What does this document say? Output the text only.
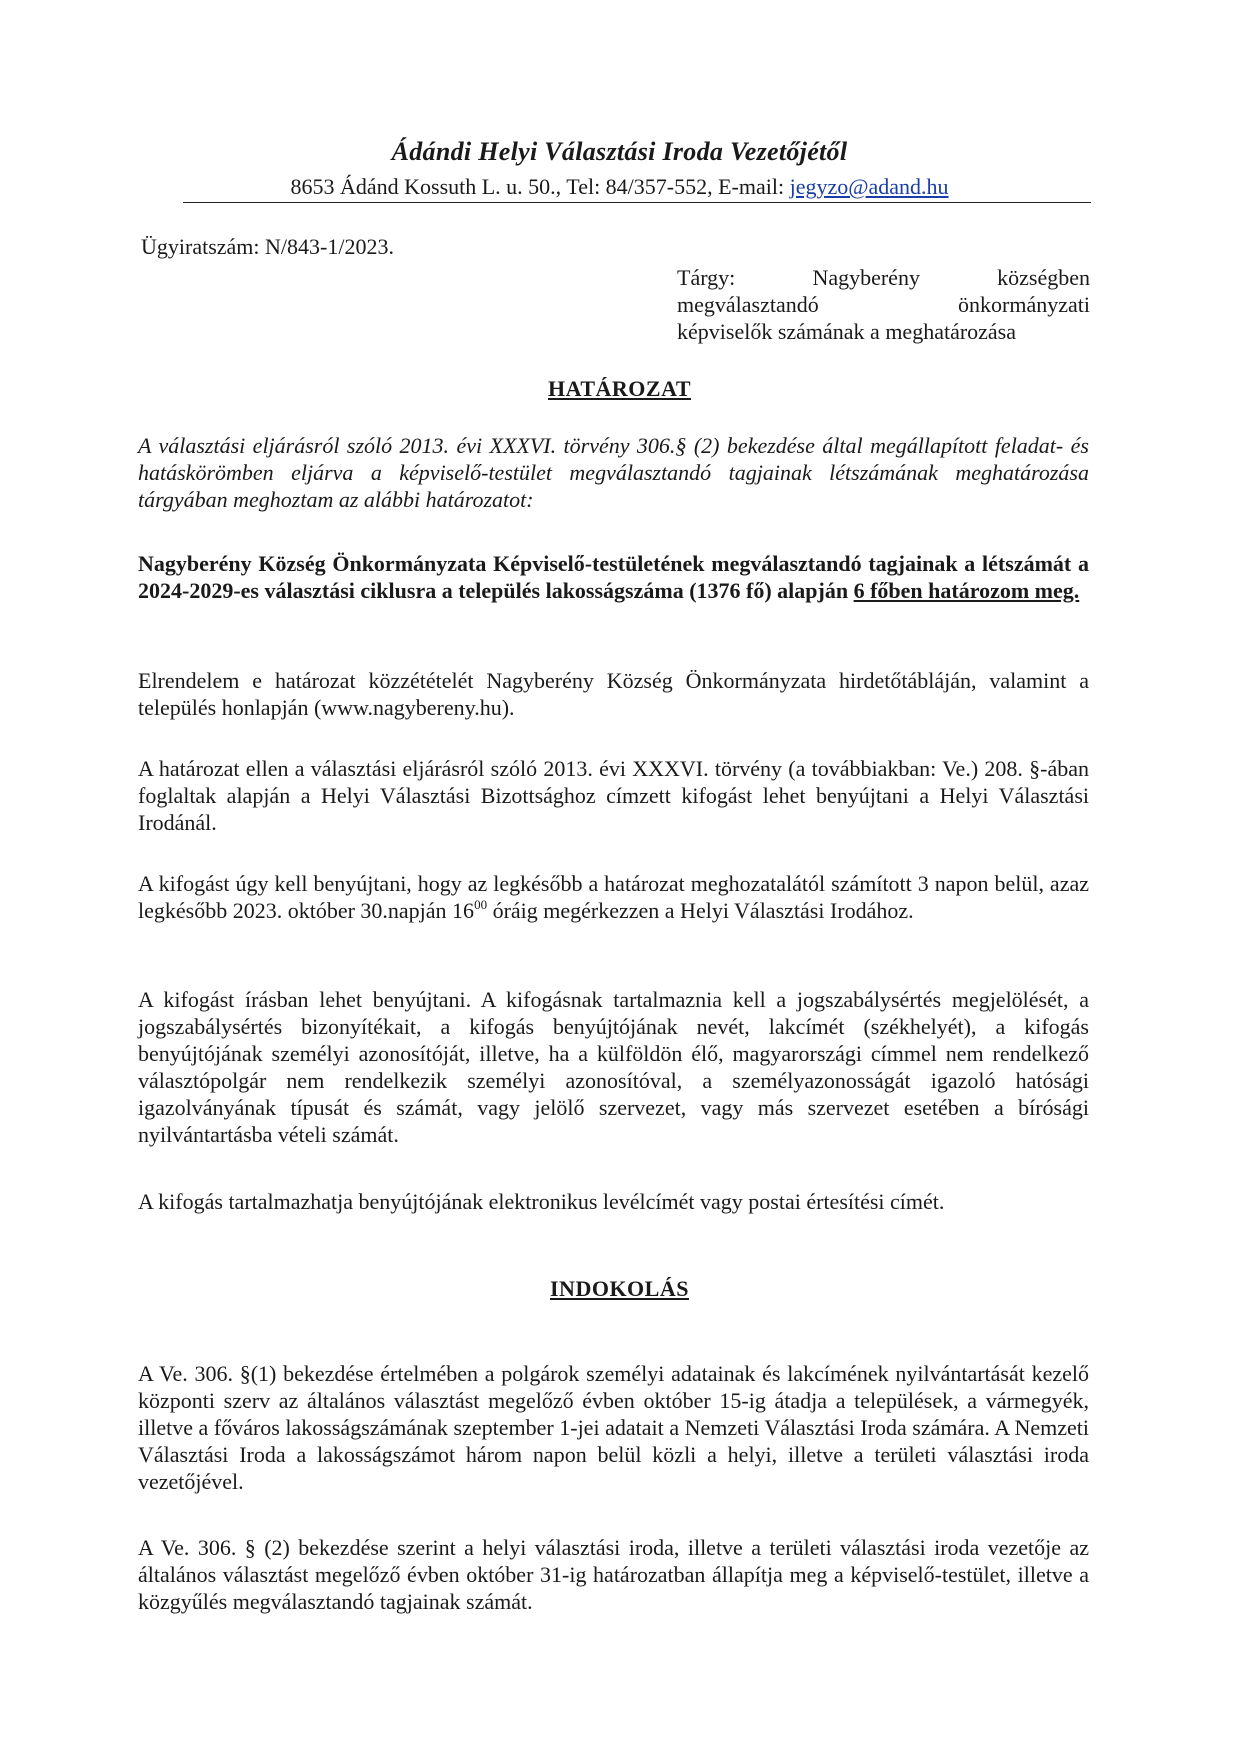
Ádándi Helyi Választási Iroda Vezetőjétől
8653 Ádánd Kossuth L. u. 50., Tel: 84/357-552, E-mail: jegyzo@adand.hu
Ügyiratszám: N/843-1/2023.
Tárgy:	Nagyberény	községben
megválasztandó	önkormányzati
képviselők számának a meghatározása
HATÁROZAT
A választási eljárásról szóló 2013. évi XXXVI. törvény 306.§ (2) bekezdése által megállapított feladat- és hatáskörömben eljárva a képviselő-testület megválasztandó tagjainak létszámának meghatározása tárgyában meghoztam az alábbi határozatot:
Nagyberény Község Önkormányzata Képviselő-testületének megválasztandó tagjainak a létszámát a 2024-2029-es választási ciklusra a település lakosságszáma (1376 fő) alapján 6 főben határozom meg.
Elrendelem e határozat közzétételét Nagyberény Község Önkormányzata hirdetőtábláján, valamint a település honlapján (www.nagybereny.hu).
A határozat ellen a választási eljárásról szóló 2013. évi XXXVI. törvény (a továbbiakban: Ve.) 208. §-ában foglaltak alapján a Helyi Választási Bizottsághoz címzett kifogást lehet benyújtani a Helyi Választási Irodánál.
A kifogást úgy kell benyújtani, hogy az legkésőbb a határozat meghozatalától számított 3 napon belül, azaz legkésőbb 2023. október 30.napján $16^{00}$ óráig megérkezzen a Helyi Választási Irodához.
A kifogást írásban lehet benyújtani. A kifogásnak tartalmaznia kell a jogszabálysértés megjelölését, a jogszabálysértés bizonyítékait, a kifogás benyújtójának nevét, lakcímét (székhelyét), a kifogás benyújtójának személyi azonosítóját, illetve, ha a külföldön élő, magyarországi címmel nem rendelkező választópolgár nem rendelkezik személyi azonosítóval, a személyazonosságát igazoló hatósági igazolványának típusát és számát, vagy jelölő szervezet, vagy más szervezet esetében a bírósági nyilvántartásba vételi számát.
A kifogás tartalmazhatja benyújtójának elektronikus levélcímét vagy postai értesítési címét.
INDOKOLÁS
A Ve. 306. §(1) bekezdése értelmében a polgárok személyi adatainak és lakcímének nyilvántartását kezelő központi szerv az általános választást megelőző évben október 15-ig átadja a települések, a vármegyék, illetve a főváros lakosságszámának szeptember 1-jei adatait a Nemzeti Választási Iroda számára. A Nemzeti Választási Iroda a lakosságszámot három napon belül közli a helyi, illetve a területi választási iroda vezetőjével.
A Ve. 306. § (2) bekezdése szerint a helyi választási iroda, illetve a területi választási iroda vezetője az általános választást megelőző évben október 31-ig határozatban állapítja meg a képviselő-testület, illetve a közgyűlés megválasztandó tagjainak számát.
